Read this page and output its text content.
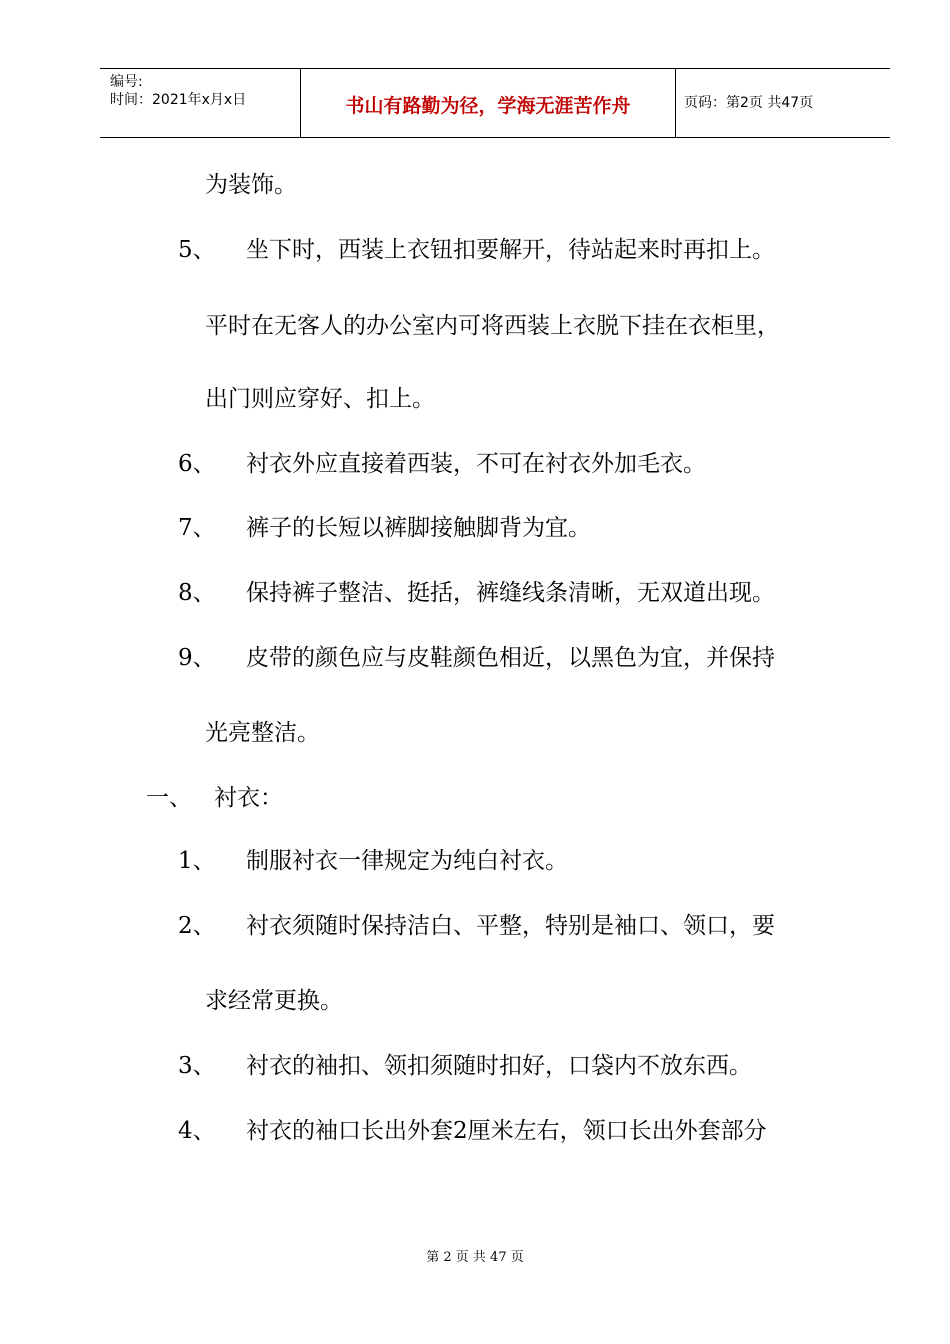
编号:
时间：2021年x月x日	书山有路勤为径，学海无涯苦作舟	页码：第2页 共47页
为装饰。
5、 坐下时，西装上衣钮扣要解开，待站起来时再扣上。
平时在无客人的办公室内可将西装上衣脱下挂在衣柜里，
出门则应穿好、扣上。
6、 衬衣外应直接着西装，不可在衬衣外加毛衣。
7、 裤子的长短以裤脚接触脚背为宜。
8、 保持裤子整洁、挺括，裤缝线条清晰，无双道出现。
9、 皮带的颜色应与皮鞋颜色相近，以黑色为宜，并保持
光亮整洁。
一、 衬衣：
1、 制服衬衣一律规定为纯白衬衣。
2、 衬衣须随时保持洁白、平整，特别是袖口、领口，要
求经常更换。
3、 衬衣的袖扣、领扣须随时扣好，口袋内不放东西。
4、 衬衣的袖口长出外套2厘米左右，领口长出外套部分
第 2 页 共 47 页
